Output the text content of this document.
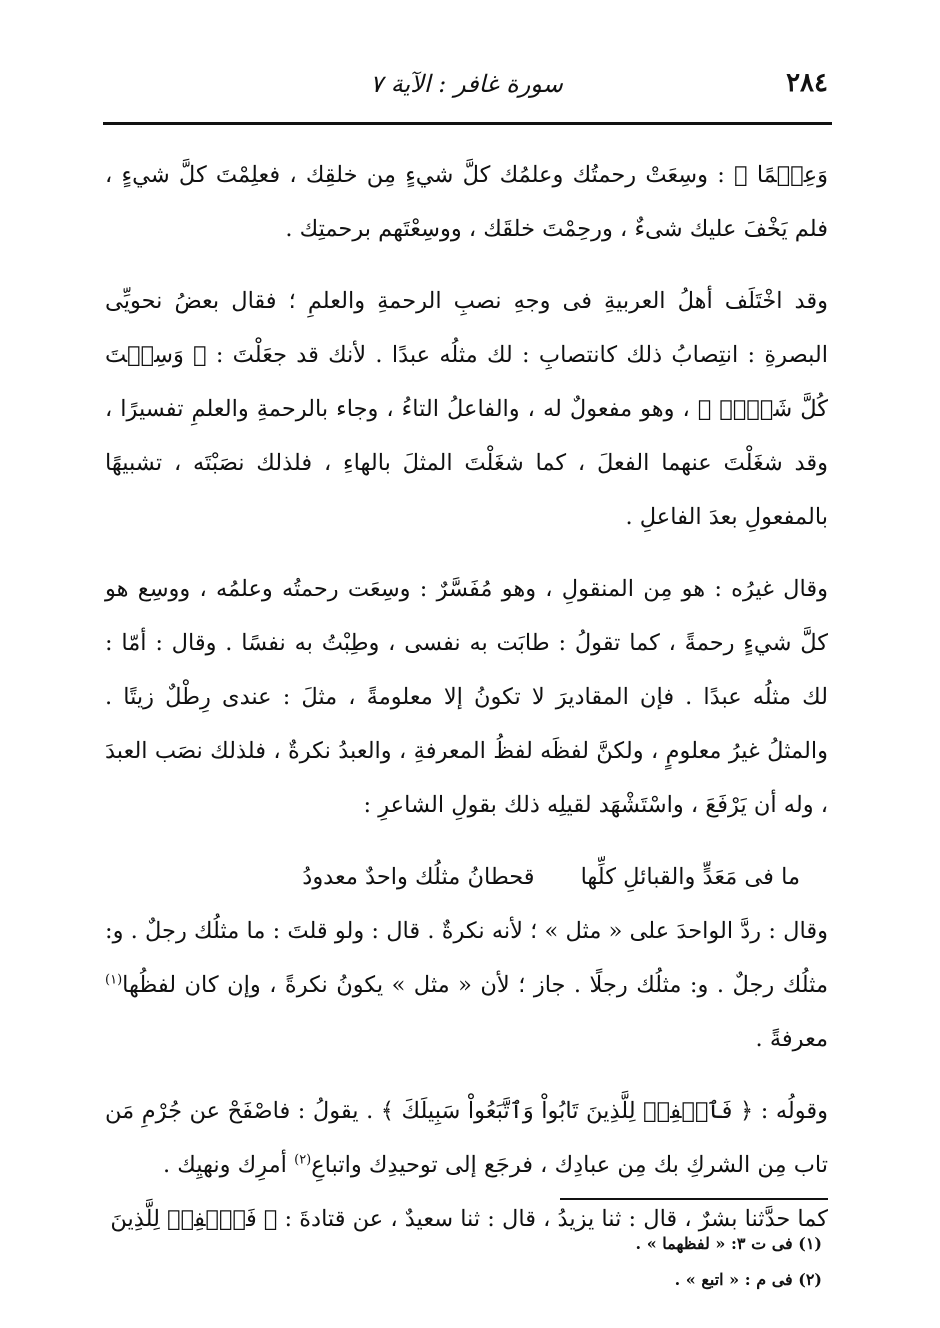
٢٨٤
سورة غافر : الآية ٧

وَعِلۡمًا ﴾ : وسِعَتْ رحمتُك وعلمُك كلَّ شيءٍ مِن خلقِك ، فعلِمْتَ كلَّ شيءٍ ، فلم يَخْفَ عليك شىءٌ ، ورحِمْتَ خلقَك ، ووسِعْتَهم برحمتِك .

وقد اخْتَلَف أهلُ العربيةِ فى وجهِ نصبِ الرحمةِ والعلمِ ؛ فقال بعضُ نحويِّى البصرةِ : انتِصابُ ذلك كانتصابِ : لك مثلُه عبدًا . لأنك قد جعَلْتَ : ﴿ وَسِعۡتَ كُلَّ شَيۡءٖ ﴾ ، وهو مفعولٌ له ، والفاعلُ التاءُ ، وجاء بالرحمةِ والعلمِ تفسيرًا ، وقد شغَلْتَ عنهما الفعلَ ، كما شغَلْتَ المثلَ بالهاءِ ، فلذلك نصَبْتَه ، تشبيهًا بالمفعولِ بعدَ الفاعلِ .

وقال غيرُه : هو مِن المنقولِ ، وهو مُفَسَّرٌ : وسِعَت رحمتُه وعلمُه ، ووسِع هو كلَّ شيءٍ رحمةً ، كما تقولُ : طابَت به نفسى ، وطِبْتُ به نفسًا . وقال : أمّا : لك مثلُه عبدًا . فإن المقاديرَ لا تكونُ إلا معلومةً ، مثلَ : عندى رِطْلٌ زيتًا . والمثلُ غيرُ معلومٍ ، ولكنَّ لفظَه لفظُ المعرفةِ ، والعبدُ نكرةٌ ، فلذلك نصَب العبدَ ، وله أن يَرْفَعَ ، واسْتَشْهَد لقيلِه ذلك بقولِ الشاعرِ :

ما فى مَعَدٍّ والقبائلِ كلِّها
قحطانُ مثلُك واحدٌ معدودُ

وقال : ردَّ الواحدَ على « مثل » ؛ لأنه نكرةٌ . قال : ولو قلتَ : ما مثلُك رجلٌ . و: مثلُك رجلٌ . و: مثلُك رجلًا . جاز ؛ لأن « مثل » يكونُ نكرةً ، وإن كان لفظُها$^{(١)}$ معرفةً .

وقولُه : ﴿ فَٱغۡفِرۡ لِلَّذِينَ تَابُواْ وَٱتَّبَعُواْ سَبِيلَكَ ﴾ . يقولُ : فاصْفَحْ عن جُرْمِ مَن تاب مِن الشركِ بك مِن عبادِك ، فرجَع إلى توحيدِك واتباعِ$^{(٢)}$ أمرِك ونهيِك .

كما حدَّثنا بشرٌ ، قال : ثنا يزيدُ ، قال : ثنا سعيدٌ ، عن قتادةَ : ﴿ فَٱغۡفِرۡ لِلَّذِينَ

(١) فى ت ٣: « لفظهما » .
(٢) فى م : « اتبع » .
